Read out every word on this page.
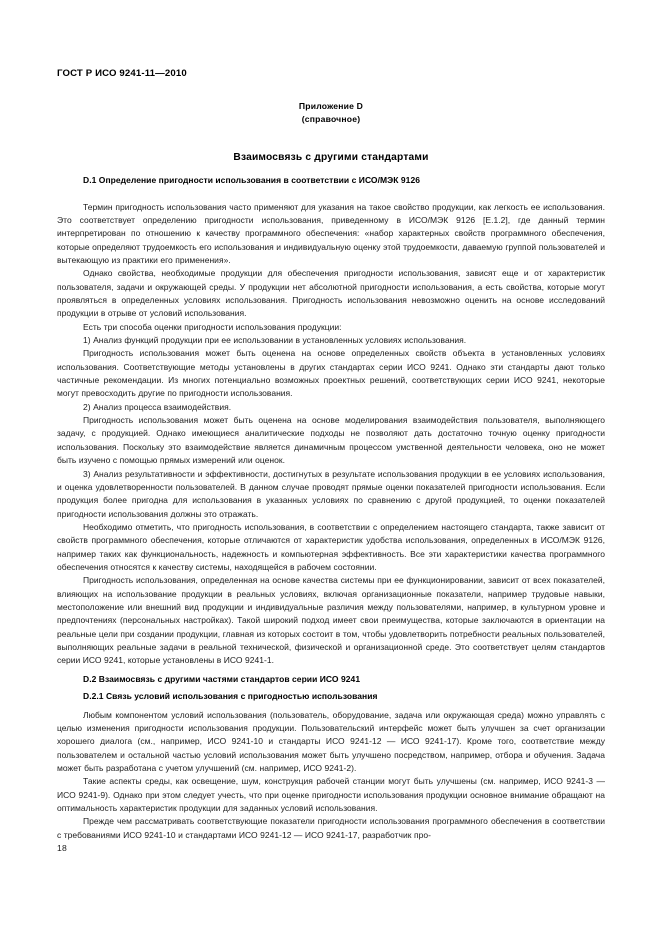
ГОСТ Р ИСО 9241-11—2010
Приложение D
(справочное)
Взаимосвязь с другими стандартами
D.1 Определение пригодности использования в соответствии с ИСО/МЭК 9126

Термин пригодность использования часто применяют для указания на такое свойство продукции, как легкость ее использования. Это соответствует определению пригодности использования, приведенному в ИСО/МЭК 9126 [Е.1.2], где данный термин интерпретирован по отношению к качеству программного обеспечения: «набор характерных свойств программного обеспечения, которые определяют трудоемкость его использования и индивидуальную оценку этой трудоемкости, даваемую группой пользователей и вытекающую из практики его применения».

Однако свойства, необходимые продукции для обеспечения пригодности использования, зависят еще и от характеристик пользователя, задачи и окружающей среды. У продукции нет абсолютной пригодности использования, а есть свойства, которые могут проявляться в определенных условиях использования. Пригодность использования невозможно оценить на основе исследований продукции в отрыве от условий использования.

Есть три способа оценки пригодности использования продукции:

1) Анализ функций продукции при ее использовании в установленных условиях использования.

Пригодность использования может быть оценена на основе определенных свойств объекта в установленных условиях использования. Соответствующие методы установлены в других стандартах серии ИСО 9241. Однако эти стандарты дают только частичные рекомендации. Из многих потенциально возможных проектных решений, соответствующих серии ИСО 9241, некоторые могут превосходить другие по пригодности использования.

2) Анализ процесса взаимодействия.

Пригодность использования может быть оценена на основе моделирования взаимодействия пользователя, выполняющего задачу, с продукцией. Однако имеющиеся аналитические подходы не позволяют дать достаточно точную оценку пригодности использования. Поскольку это взаимодействие является динамичным процессом умственной деятельности человека, оно не может быть изучено с помощью прямых измерений или оценок.

3) Анализ результативности и эффективности, достигнутых в результате использования продукции в ее условиях использования, и оценка удовлетворенности пользователей. В данном случае проводят прямые оценки показателей пригодности использования. Если продукция более пригодна для использования в указанных условиях по сравнению с другой продукцией, то оценки показателей пригодности использования должны это отражать.

Необходимо отметить, что пригодность использования, в соответствии с определением настоящего стандарта, также зависит от свойств программного обеспечения, которые отличаются от характеристик удобства использования, определенных в ИСО/МЭК 9126, например таких как функциональность, надежность и компьютерная эффективность. Все эти характеристики качества программного обеспечения относятся к качеству системы, находящейся в рабочем состоянии.

Пригодность использования, определенная на основе качества системы при ее функционировании, зависит от всех показателей, влияющих на использование продукции в реальных условиях, включая организационные показатели, например трудовые навыки, местоположение или внешний вид продукции и индивидуальные различия между пользователями, например, в культурном уровне и предпочтениях (персональных настройках). Такой широкий подход имеет свои преимущества, которые заключаются в ориентации на реальные цели при создании продукции, главная из которых состоит в том, чтобы удовлетворить потребности реальных пользователей, выполняющих реальные задачи в реальной технической, физической и организационной среде. Это соответствует целям стандартов серии ИСО 9241, которые установлены в ИСО 9241-1.

D.2 Взаимосвязь с другими частями стандартов серии ИСО 9241
D.2.1 Связь условий использования с пригодностью использования

Любым компонентом условий использования (пользователь, оборудование, задача или окружающая среда) можно управлять с целью изменения пригодности использования продукции. Пользовательский интерфейс может быть улучшен за счет организации хорошего диалога (см., например, ИСО 9241-10 и стандарты ИСО 9241-12 — ИСО 9241-17). Кроме того, соответствие между пользователем и остальной частью условий использования может быть улучшено посредством, например, отбора и обучения. Задача может быть разработана с учетом улучшений (см. например, ИСО 9241-2).

Такие аспекты среды, как освещение, шум, конструкция рабочей станции могут быть улучшены (см. например, ИСО 9241-3 — ИСО 9241-9). Однако при этом следует учесть, что при оценке пригодности использования продукции основное внимание обращают на оптимальность характеристик продукции для заданных условий использования.

Прежде чем рассматривать соответствующие показатели пригодности использования программного обеспечения в соответствии с требованиями ИСО 9241-10 и стандартами ИСО 9241-12 — ИСО 9241-17, разработчик про-

18
